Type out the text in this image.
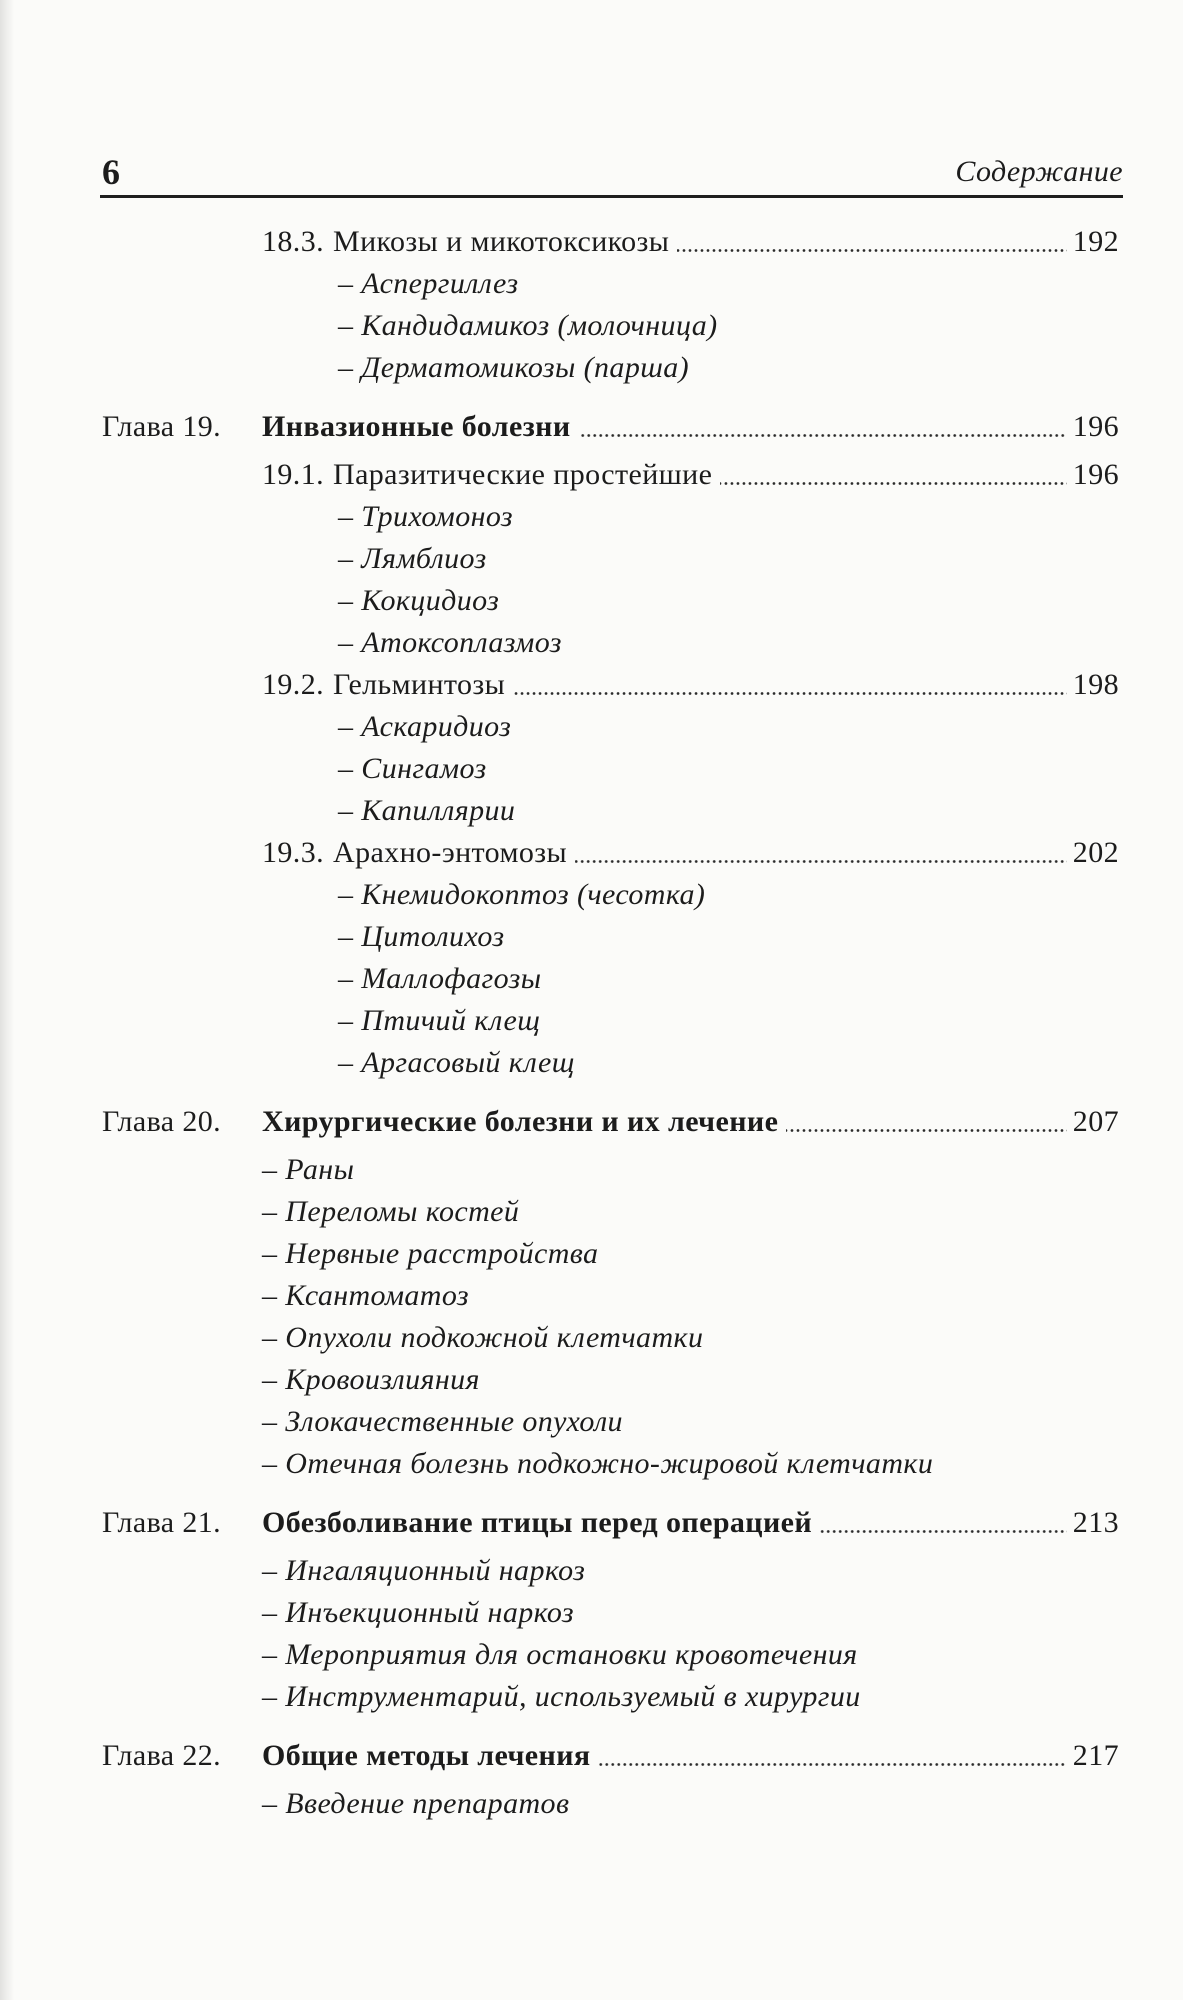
6	Содержание
18.3. Микозы и микотоксикозы	192
– Аспергиллез
– Кандидамикоз (молочница)
– Дерматомикозы (парша)
Глава 19.	Инвазионные болезни	196
19.1. Паразитические простейшие	196
– Трихомоноз
– Лямблиоз
– Кокцидиоз
– Атоксоплазмоз
19.2. Гельминтозы	198
– Аскаридиоз
– Сингамоз
– Капиллярии
19.3. Арахно-энтомозы	202
– Кнемидокоптоз (чесотка)
– Цитолихоз
– Маллофагозы
– Птичий клещ
– Аргасовый клещ
Глава 20.	Хирургические болезни и их лечение	207
– Раны
– Переломы костей
– Нервные расстройства
– Ксантоматоз
– Опухоли подкожной клетчатки
– Кровоизлияния
– Злокачественные опухоли
– Отечная болезнь подкожно-жировой клетчатки
Глава 21.	Обезболивание птицы перед операцией	213
– Ингаляционный наркоз
– Инъекционный наркоз
– Мероприятия для остановки кровотечения
– Инструментарий, используемый в хирургии
Глава 22.	Общие методы лечения	217
– Введение препаратов
